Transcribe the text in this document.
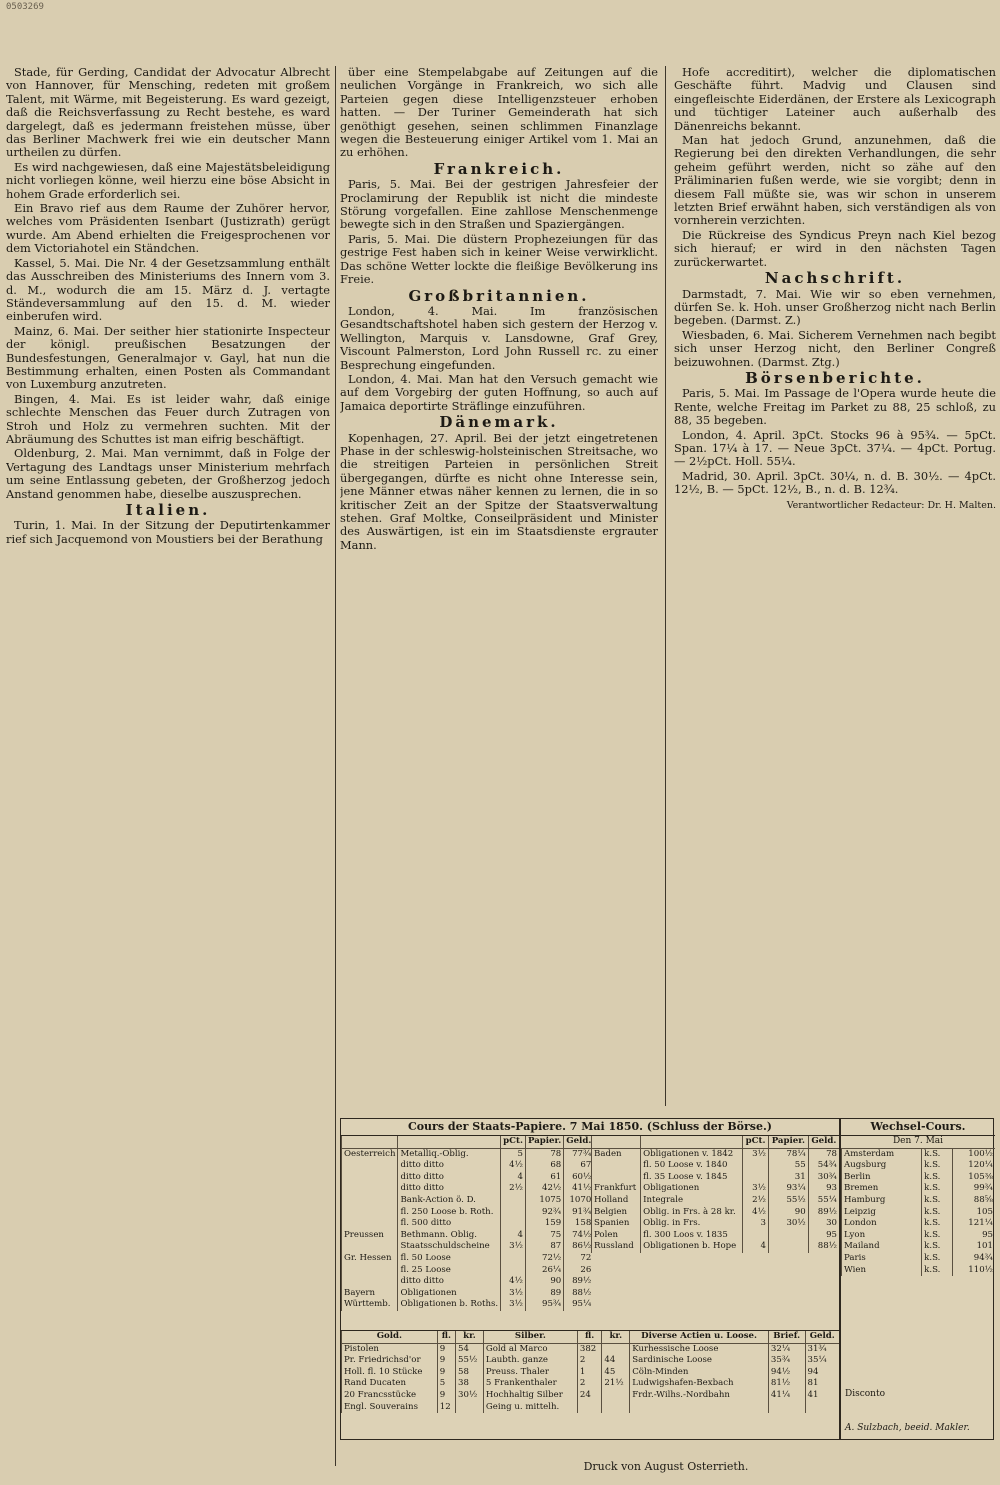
0503269

Stade, für Gerding, Candidat der Advocatur Albrecht von Hannover, für Mensching, redeten mit großem Talent, mit Wärme, mit Begeisterung. Es ward gezeigt, daß die Reichsverfassung zu Recht bestehe, es ward dargelegt, daß es jedermann freistehen müsse, über das Berliner Machwerk frei wie ein deutscher Mann urtheilen zu dürfen.

Es wird nachgewiesen, daß eine Majestätsbeleidigung nicht vorliegen könne, weil hierzu eine böse Absicht in hohem Grade erforderlich sei.

Ein Bravo rief aus dem Raume der Zuhörer hervor, welches vom Präsidenten Isenbart (Justizrath) gerügt wurde. Am Abend erhielten die Freigesprochenen vor dem Victoriahotel ein Ständchen.

Kassel, 5. Mai. Die Nr. 4 der Gesetzsammlung enthält das Ausschreiben des Ministeriums des Innern vom 3. d. M., wodurch die am 15. März d. J. vertagte Ständeversammlung auf den 15. d. M. wieder einberufen wird.

Mainz, 6. Mai. Der seither hier stationirte Inspecteur der königl. preußischen Besatzungen der Bundesfestungen, Generalmajor v. Gayl, hat nun die Bestimmung erhalten, einen Posten als Commandant von Luxemburg anzutreten.

Bingen, 4. Mai. Es ist leider wahr, daß einige schlechte Menschen das Feuer durch Zutragen von Stroh und Holz zu vermehren suchten. Mit der Abräumung des Schuttes ist man eifrig beschäftigt.

Oldenburg, 2. Mai. Man vernimmt, daß in Folge der Vertagung des Landtags unser Ministerium mehrfach um seine Entlassung gebeten, der Großherzog jedoch Anstand genommen habe, dieselbe auszusprechen.

Italien.

Turin, 1. Mai. In der Sitzung der Deputirtenkammer rief sich Jacquemond von Moustiers bei der Berathung

über eine Stempelabgabe auf Zeitungen auf die neulichen Vorgänge in Frankreich, wo sich alle Parteien gegen diese Intelligenzsteuer erhoben hatten. — Der Turiner Gemeinderath hat sich genöthigt gesehen, seinen schlimmen Finanzlage wegen die Besteuerung einiger Artikel vom 1. Mai an zu erhöhen.

Frankreich.

Paris, 5. Mai. Bei der gestrigen Jahresfeier der Proclamirung der Republik ist nicht die mindeste Störung vorgefallen. Eine zahllose Menschenmenge bewegte sich in den Straßen und Spaziergängen.

Paris, 5. Mai. Die düstern Prophezeiungen für das gestrige Fest haben sich in keiner Weise verwirklicht. Das schöne Wetter lockte die fleißige Bevölkerung ins Freie.

Großbritannien.

London, 4. Mai. Im französischen Gesandtschaftshotel haben sich gestern der Herzog v. Wellington, Marquis v. Lansdowne, Graf Grey, Viscount Palmerston, Lord John Russell rc. zu einer Besprechung eingefunden.

London, 4. Mai. Man hat den Versuch gemacht wie auf dem Vorgebirg der guten Hoffnung, so auch auf Jamaica deportirte Sträflinge einzuführen.

Dänemark.

Kopenhagen, 27. April. Bei der jetzt eingetretenen Phase in der schleswig-holsteinischen Streitsache, wo die streitigen Parteien in persönlichen Streit übergegangen, dürfte es nicht ohne Interesse sein, jene Männer etwas näher kennen zu lernen, die in so kritischer Zeit an der Spitze der Staatsverwaltung stehen. Graf Moltke, Conseilpräsident und Minister des Auswärtigen, ist ein im Staatsdienste ergrauter Mann.

Hofe accreditirt), welcher die diplomatischen Geschäfte führt. Madvig und Clausen sind eingefleischte Eiderdänen, der Erstere als Lexicograph und tüchtiger Lateiner auch außerhalb des Dänenreichs bekannt.

Man hat jedoch Grund, anzunehmen, daß die Regierung bei den direkten Verhandlungen, die sehr geheim geführt werden, nicht so zähe auf den Präliminarien fußen werde, wie sie vorgibt; denn in diesem Fall müßte sie, was wir schon in unserem letzten Brief erwähnt haben, sich verständigen als von vornherein verzichten.

Die Rückreise des Syndicus Preyn nach Kiel bezog sich hierauf; er wird in den nächsten Tagen zurückerwartet.

Nachschrift.

Darmstadt, 7. Mai. Wie wir so eben vernehmen, dürfen Se. k. Hoh. unser Großherzog nicht nach Berlin begeben. (Darmst. Z.)

Wiesbaden, 6. Mai. Sicherem Vernehmen nach begibt sich unser Herzog nicht, den Berliner Congreß beizuwohnen. (Darmst. Ztg.)

Börsenberichte.

Paris, 5. Mai. Im Passage de l'Opera wurde heute die Rente, welche Freitag im Parket zu 88, 25 schloß, zu 88, 35 begeben.

London, 4. April. 3pCt. Stocks 96 à 95¾. — 5pCt. Span. 17¼ à 17. — Neue 3pCt. 37¼. — 4pCt. Portug. — 2½pCt. Holl. 55¼.

Madrid, 30. April. 3pCt. 30¼, n. d. B. 30½. — 4pCt. 12½, B. — 5pCt. 12½, B., n. d. B. 12¾.

Verantwortlicher Redacteur: Dr. H. Malten.
Cours der Staats-Papiere. 7 Mai 1850. (Schluss der Börse.)
		pCt.	Papier.	Geld.
Oesterreich	Metalliq.-Oblig.	5	78	77¾
	ditto ditto	4½	68	67
	ditto ditto	4	61	60½
	ditto ditto	2½	42½	41½
	Bank-Action ö. D.		1075	1070
	fl. 250 Loose b. Roth.		92¾	91¾
	fl. 500 ditto		159	158
Preussen	Bethmann. Oblig.	4	75	74½
	Staatsschuldscheine	3½	87	86½
Gr. Hessen	fl. 50 Loose		72½	72
	fl. 25 Loose		26¼	26
	ditto ditto	4½	90	89½
Bayern	Obligationen	3½	89	88½
Württemb.	Obligationen b. Roths.	3½	95¾	95¼
		pCt.	Papier.	Geld.
Baden	Obligationen v. 1842	3½	78¼	78
	fl. 50 Loose v. 1840		55	54¾
	fl. 35 Loose v. 1845		31	30¾
Frankfurt	Obligationen	3½	93¼	93
Holland	Integrale	2½	55½	55¼
Belgien	Oblig. in Frs. à 28 kr.	4½	90	89½
Spanien	Oblig. in Frs.	3	30½	30
Polen	fl. 300 Loos v. 1835			95
Russland	Obligationen b. Hope	4		88½
Gold.	fl.	kr.	Silber.	fl.	kr.	Diverse Actien u. Loose.	Brief.	Geld.
Pistolen	9	54	Gold al Marco	382		Kurhessische Loose	32¼	31¾
Pr. Friedrichsd'or	9	55½	Laubth. ganze	2	44	Sardinische Loose	35¾	35¼
Holl. fl. 10 Stücke	9	58	Preuss. Thaler	1	45	Cöln-Minden	94½	94
Rand Ducaten	5	38	5 Frankenthaler	2	21½	Ludwigshafen-Bexbach	81½	81
20 Francsstücke	9	30½	Hochhaltig Silber	24		Frdr.-Wilhs.-Nordbahn	41¼	41
Engl. Souverains	12		Geing u. mittelh.					
Wechsel-Cours.
Den 7. Mai
Amsterdam	k.S.	100½
Augsburg	k.S.	120¼
Berlin	k.S.	105⅜
Bremen	k.S.	99¾
Hamburg	k.S.	88⅝
Leipzig	k.S.	105
London	k.S.	121¼
Lyon	k.S.	95
Mailand	k.S.	101
Paris	k.S.	94¾
Wien	k.S.	110½
Disconto
A. Sulzbach, beeid. Makler.
Druck von August Osterrieth.
